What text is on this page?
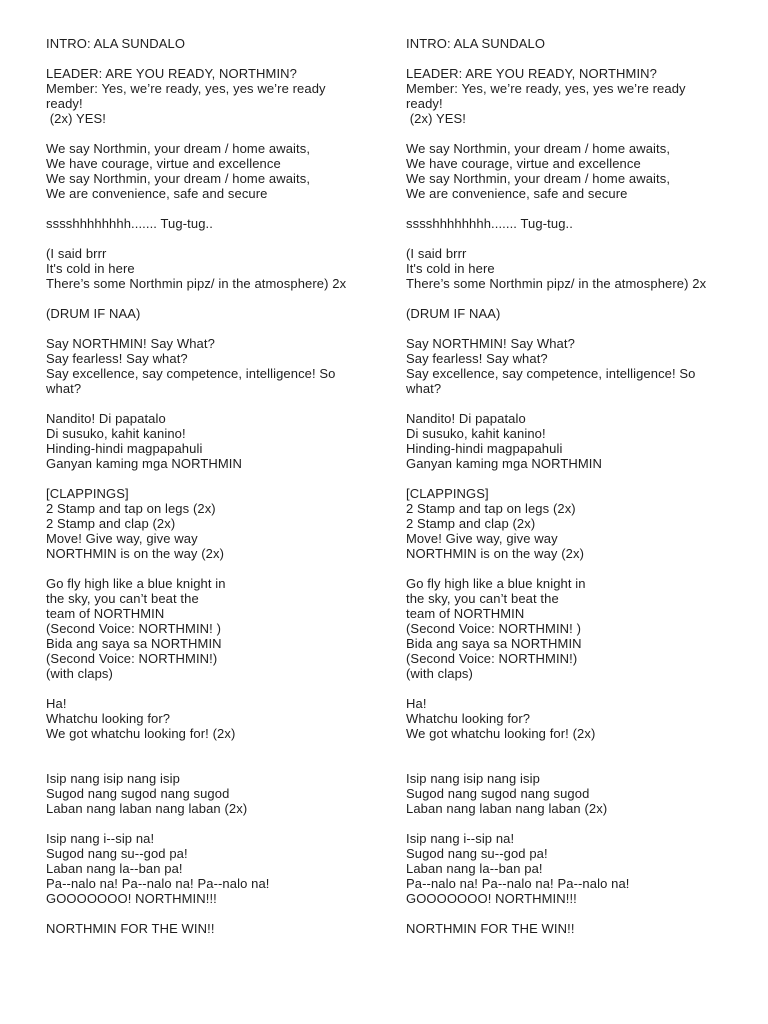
INTRO: ALA SUNDALO
LEADER: ARE YOU READY, NORTHMIN?
Member: Yes, we’re ready, yes, yes we’re ready
ready!
(2x) YES!
We say Northmin, your dream / home awaits,
We have courage, virtue and excellence
We say Northmin, your dream / home awaits,
We are convenience, safe and secure
sssshhhhhhhh....... Tug-tug..
(I said brrr
It's cold in here
There’s some Northmin pipz/ in the atmosphere) 2x
(DRUM IF NAA)
Say NORTHMIN! Say What?
Say fearless! Say what?
Say excellence, say competence, intelligence! So
what?
Nandito! Di papatalo
Di susuko, kahit kanino!
Hinding-hindi magpapahuli
Ganyan kaming mga NORTHMIN
[CLAPPINGS]
2 Stamp and tap on legs (2x)
2 Stamp and clap (2x)
Move! Give way, give way
NORTHMIN is on the way (2x)
Go fly high like a blue knight in
the sky, you can’t beat the
team of NORTHMIN
(Second Voice: NORTHMIN! )
Bida ang saya sa NORTHMIN
(Second Voice: NORTHMIN!)
(with claps)
Ha!
Whatchu looking for?
We got whatchu looking for! (2x)
Isip nang isip nang isip
Sugod nang sugod nang sugod
Laban nang laban nang laban (2x)
Isip nang i--sip na!
Sugod nang su--god pa!
Laban nang la--ban pa!
Pa--nalo na! Pa--nalo na! Pa--nalo na!
GOOOOOOO! NORTHMIN!!!
NORTHMIN FOR THE WIN!!
INTRO: ALA SUNDALO
LEADER: ARE YOU READY, NORTHMIN?
Member: Yes, we’re ready, yes, yes we’re ready
ready!
(2x) YES!
We say Northmin, your dream / home awaits,
We have courage, virtue and excellence
We say Northmin, your dream / home awaits,
We are convenience, safe and secure
sssshhhhhhhh....... Tug-tug..
(I said brrr
It's cold in here
There’s some Northmin pipz/ in the atmosphere) 2x
(DRUM IF NAA)
Say NORTHMIN! Say What?
Say fearless! Say what?
Say excellence, say competence, intelligence! So
what?
Nandito! Di papatalo
Di susuko, kahit kanino!
Hinding-hindi magpapahuli
Ganyan kaming mga NORTHMIN
[CLAPPINGS]
2 Stamp and tap on legs (2x)
2 Stamp and clap (2x)
Move! Give way, give way
NORTHMIN is on the way (2x)
Go fly high like a blue knight in
the sky, you can’t beat the
team of NORTHMIN
(Second Voice: NORTHMIN! )
Bida ang saya sa NORTHMIN
(Second Voice: NORTHMIN!)
(with claps)
Ha!
Whatchu looking for?
We got whatchu looking for! (2x)
Isip nang isip nang isip
Sugod nang sugod nang sugod
Laban nang laban nang laban (2x)
Isip nang i--sip na!
Sugod nang su--god pa!
Laban nang la--ban pa!
Pa--nalo na! Pa--nalo na! Pa--nalo na!
GOOOOOOO! NORTHMIN!!!
NORTHMIN FOR THE WIN!!
